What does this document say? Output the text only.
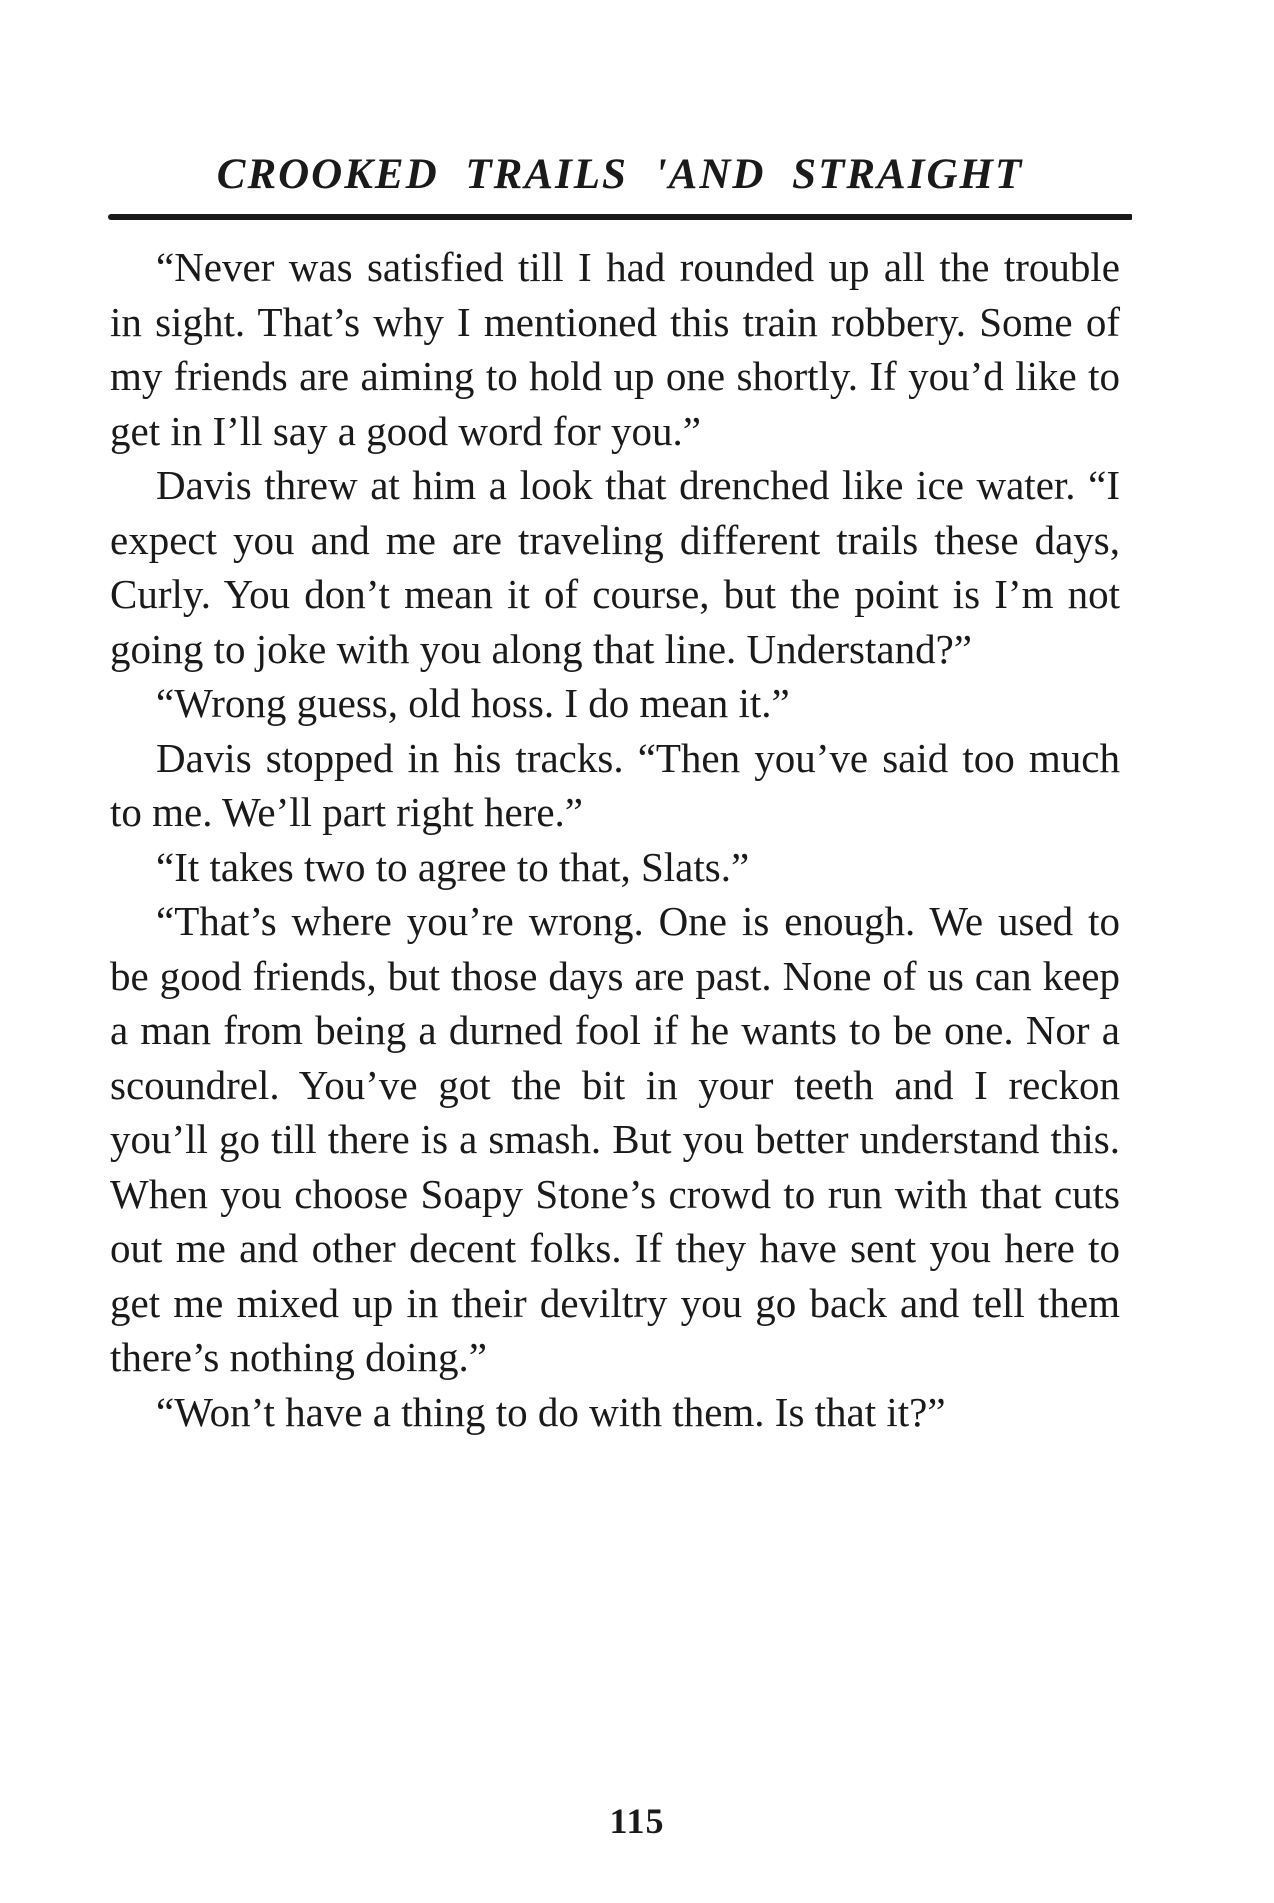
CROOKED TRAILS 'AND STRAIGHT

“Never was satisfied till I had rounded up all the trouble in sight. That’s why I mentioned this train robbery. Some of my friends are aiming to hold up one shortly. If you’d like to get in I’ll say a good word for you.”

Davis threw at him a look that drenched like ice water. “I expect you and me are traveling different trails these days, Curly. You don’t mean it of course, but the point is I’m not going to joke with you along that line. Understand?”

“Wrong guess, old hoss. I do mean it.”

Davis stopped in his tracks. “Then you’ve said too much to me. We’ll part right here.”

“It takes two to agree to that, Slats.”

“That’s where you’re wrong. One is enough. We used to be good friends, but those days are past. None of us can keep a man from being a durned fool if he wants to be one. Nor a scoundrel. You’ve got the bit in your teeth and I reckon you’ll go till there is a smash. But you better understand this. When you choose Soapy Stone’s crowd to run with that cuts out me and other decent folks. If they have sent you here to get me mixed up in their deviltry you go back and tell them there’s nothing doing.”

“Won’t have a thing to do with them. Is that it?”

115
